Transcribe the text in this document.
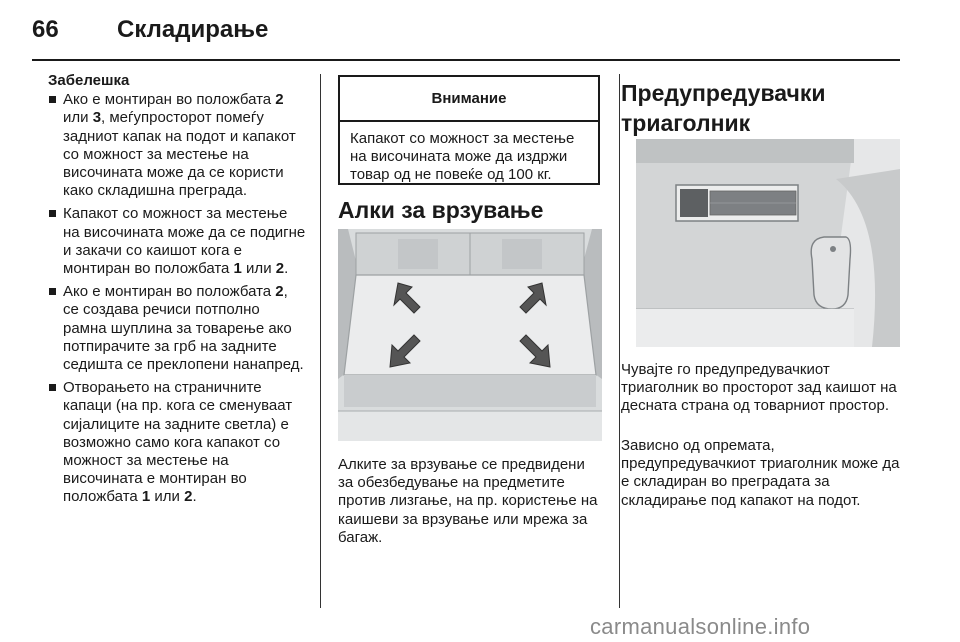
66 Складирање
Забелешка
Ако е монтиран во положбата 2 или 3, меѓупросторот помеѓу задниот капак на подот и капакот со можност за местење на височината може да се користи како складишна преграда.
Капакот со можност за местење на височината може да се подигне и закачи со каишот кога е монтиран во положбата 1 или 2.
Ако е монтиран во положбата 2, се создава речиси потполно рамна шуплина за товарење ако потпирачите за грб на задните седишта се преклопени нанапред.
Отворањето на страничните капаци (на пр. кога се сменуваат сијалиците на задните светла) е возможно само кога капакот со можност за местење на височината е монтиран во положбата 1 или 2.
Внимание
Капакот со можност за местење на височината може да издржи товар од не повеќе од 100 кг.
Алки за врзување
Алките за врзување се предвидени за обезбедување на предметите против лизгање, на пр. користење на каишеви за врзување или мрежа за багаж.
Предупредувачки
триаголник

Чувајте го предупредувачкиот триаголник во просторот зад каишот на десната страна од товарниот простор.

Зависно од опремата, предупредувачкиот триаголник може да е складиран во преградата за складирање под капакот на подот.

carmanualsonline.info
